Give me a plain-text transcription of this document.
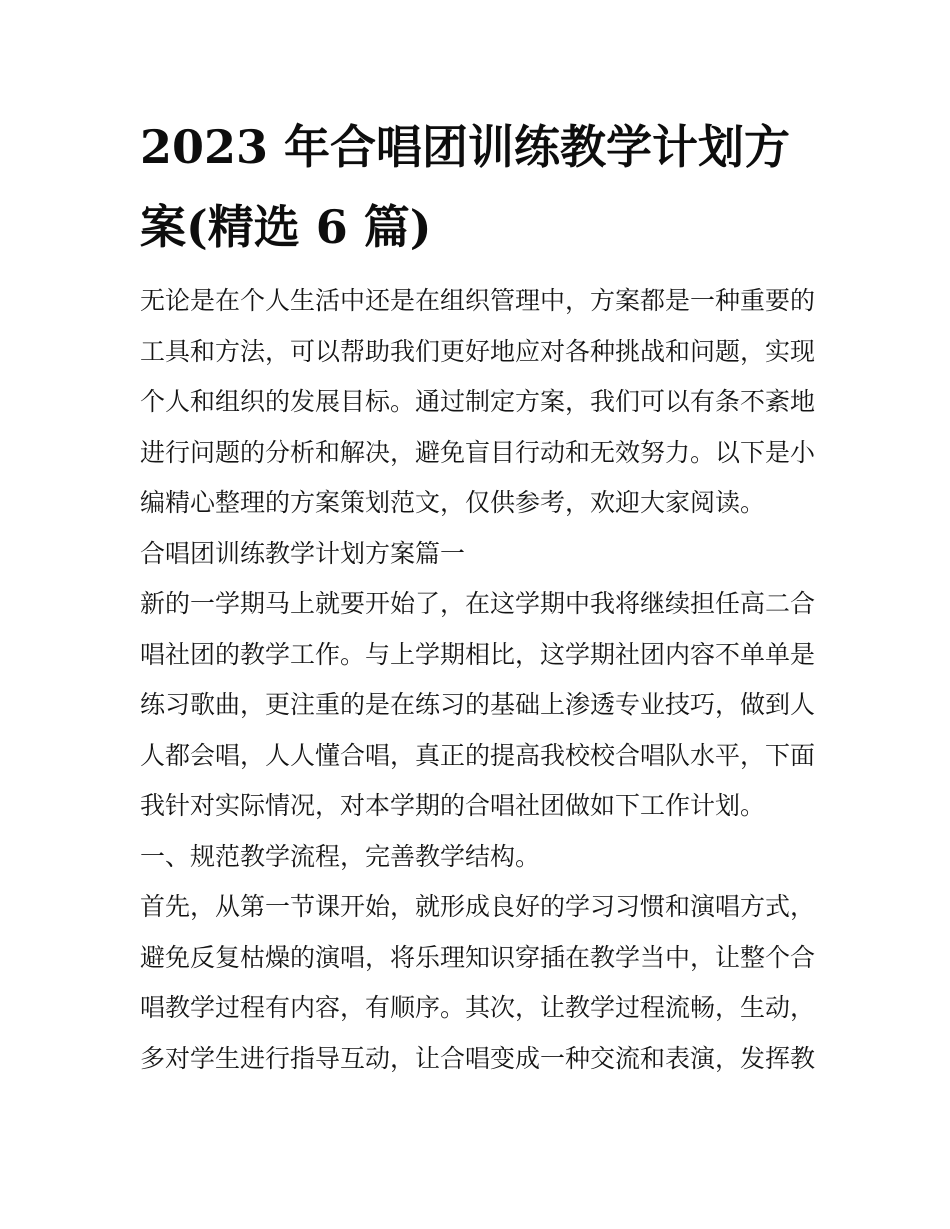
2023 年合唱团训练教学计划方
案(精选 6 篇)

无论是在个人生活中还是在组织管理中，方案都是一种重要的
工具和方法，可以帮助我们更好地应对各种挑战和问题，实现
个人和组织的发展目标。通过制定方案，我们可以有条不紊地
进行问题的分析和解决，避免盲目行动和无效努力。以下是小
编精心整理的方案策划范文，仅供参考，欢迎大家阅读。

合唱团训练教学计划方案篇一

新的一学期马上就要开始了，在这学期中我将继续担任高二合
唱社团的教学工作。与上学期相比，这学期社团内容不单单是
练习歌曲，更注重的是在练习的基础上渗透专业技巧，做到人
人都会唱，人人懂合唱，真正的提高我校校合唱队水平，下面
我针对实际情况，对本学期的合唱社团做如下工作计划。

一、规范教学流程，完善教学结构。

首先，从第一节课开始，就形成良好的学习习惯和演唱方式，
避免反复枯燥的演唱，将乐理知识穿插在教学当中，让整个合
唱教学过程有内容，有顺序。其次，让教学过程流畅，生动，
多对学生进行指导互动，让合唱变成一种交流和表演，发挥教
